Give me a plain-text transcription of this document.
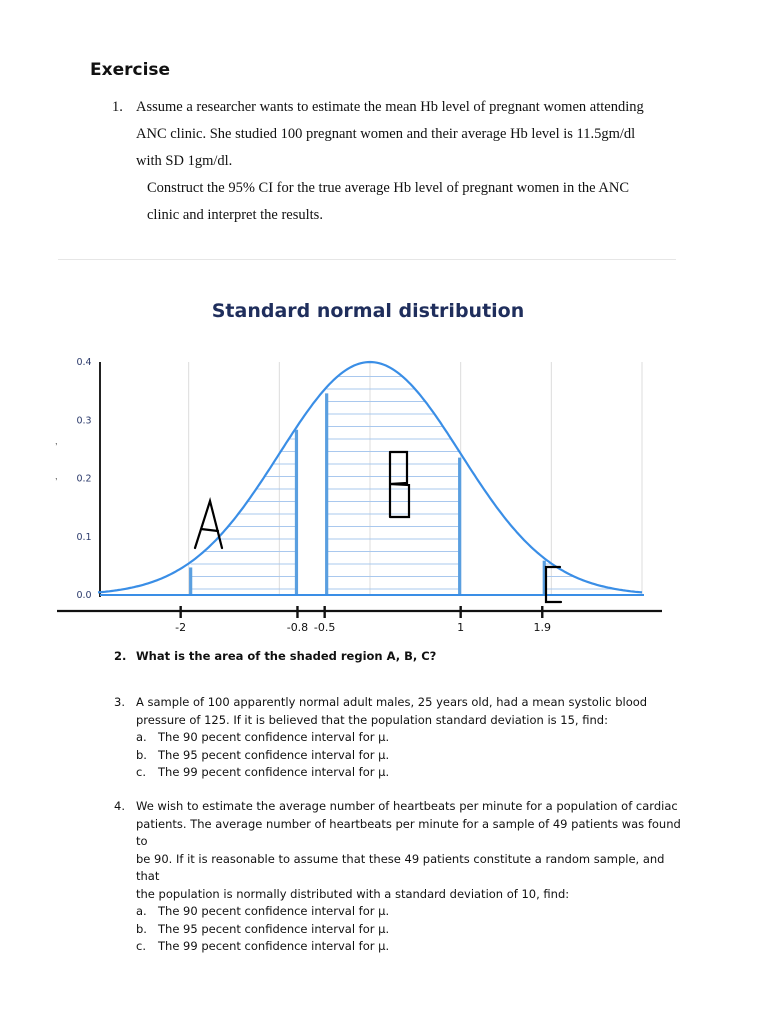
Exercise
1. Assume a researcher wants to estimate the mean Hb level of pregnant women attending
ANC clinic. She studied 100 pregnant women and their average Hb level is 11.5gm/dl
with SD 1gm/dl.
Construct the 95% CI for the true average Hb level of pregnant women in the ANC
clinic and interpret the results.
Standard normal distribution
0.4
0.3
0.2
0.1
0.0
-2	-0.8 -0.5	1	1.9
,
,
2. What is the area of the shaded region A, B, C?
3. A sample of 100 apparently normal adult males, 25 years old, had a mean systolic blood
pressure of 125. If it is believed that the population standard deviation is 15, find:
a. The 90 pecent confidence interval for μ.
b. The 95 pecent confidence interval for μ.
c. The 99 pecent confidence interval for μ.
4. We wish to estimate the average number of heartbeats per minute for a population of cardiac
patients. The average number of heartbeats per minute for a sample of 49 patients was found to
be 90. If it is reasonable to assume that these 49 patients constitute a random sample, and that
the population is normally distributed with a standard deviation of 10, find:
a. The 90 pecent confidence interval for μ.
b. The 95 pecent confidence interval for μ.
c. The 99 pecent confidence interval for μ.
